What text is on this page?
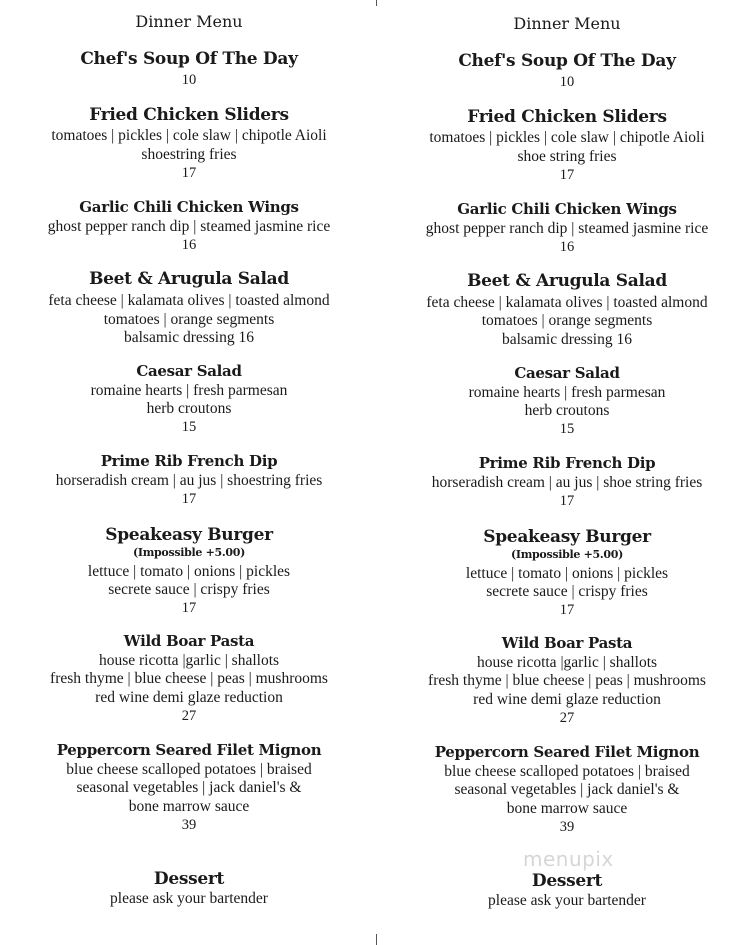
Dinner Menu
Chef's Soup Of The Day
10
Fried Chicken Sliders
tomatoes | pickles | cole slaw | chipotle Aioli
shoestring fries
17
Garlic Chili Chicken Wings
ghost pepper ranch dip | steamed jasmine rice
16
Beet & Arugula Salad
feta cheese | kalamata olives | toasted almond
tomatoes | orange segments
balsamic dressing 16
Caesar Salad
romaine hearts | fresh parmesan
herb croutons
15
Prime Rib French Dip
horseradish cream | au jus | shoestring fries
17
Speakeasy Burger
(Impossible +5.00)
lettuce | tomato | onions | pickles
secrete sauce | crispy fries
17
Wild Boar Pasta
house ricotta |garlic | shallots
fresh thyme | blue cheese | peas | mushrooms
red wine demi glaze reduction
27
Peppercorn Seared Filet Mignon
blue cheese scalloped potatoes | braised
seasonal vegetables | jack daniel's &
bone marrow sauce
39
Dessert
please ask your bartender
Dinner Menu
Chef's Soup Of The Day
10
Fried Chicken Sliders
tomatoes | pickles | cole slaw | chipotle Aioli
shoe string fries
17
Garlic Chili Chicken Wings
ghost pepper ranch dip | steamed jasmine rice
16
Beet & Arugula Salad
feta cheese | kalamata olives | toasted almond
tomatoes | orange segments
balsamic dressing 16
Caesar Salad
romaine hearts | fresh parmesan
herb croutons
15
Prime Rib French Dip
horseradish cream | au jus | shoe string fries
17
Speakeasy Burger
(Impossible +5.00)
lettuce | tomato | onions | pickles
secrete sauce | crispy fries
17
Wild Boar Pasta
house ricotta |garlic | shallots
fresh thyme | blue cheese | peas | mushrooms
red wine demi glaze reduction
27
Peppercorn Seared Filet Mignon
blue cheese scalloped potatoes | braised
seasonal vegetables | jack daniel's &
bone marrow sauce
39
Dessert
please ask your bartender
menupix
